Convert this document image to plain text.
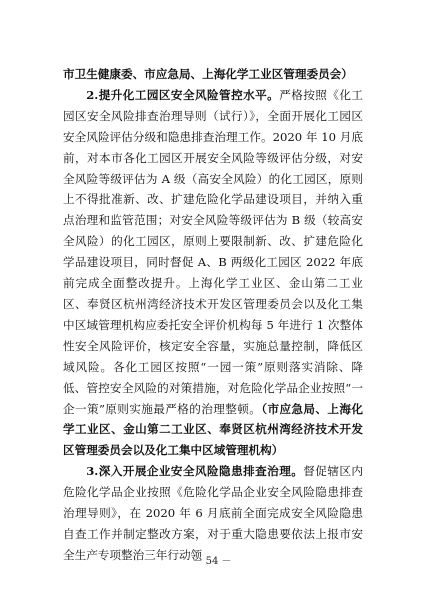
市卫生健康委、市应急局、上海化学工业区管理委员会）

2.提升化工园区安全风险管控水平。严格按照《化工园区安全风险排查治理导则（试行）》，全面开展化工园区安全风险评估分级和隐患排查治理工作。2020 年 10 月底前，对本市各化工园区开展安全风险等级评估分级，对安全风险等级评估为 A 级（高安全风险）的化工园区，原则上不得批准新、改、扩建危险化学品建设项目，并纳入重点治理和监管范围；对安全风险等级评估为 B 级（较高安全风险）的化工园区，原则上要限制新、改、扩建危险化学品建设项目，同时督促 A、B 两级化工园区 2022 年底前完成全面整改提升。上海化学工业区、金山第二工业区、奉贤区杭州湾经济技术开发区管理委员会以及化工集中区域管理机构应委托安全评价机构每 5 年进行 1 次整体性安全风险评价，核定安全容量，实施总量控制，降低区域风险。各化工园区按照“一园一策”原则落实消除、降低、管控安全风险的对策措施，对危险化学品企业按照“一企一策”原则实施最严格的治理整顿。（市应急局、上海化学工业区、金山第二工业区、奉贤区杭州湾经济技术开发区管理委员会以及化工集中区域管理机构）

3.深入开展企业安全风险隐患排查治理。督促辖区内危险化学品企业按照《危险化学品企业安全风险隐患排查治理导则》，在 2020 年 6 月底前全面完成安全风险隐患自查工作并制定整改方案，对于重大隐患要依法上报市安全生产专项整治三年行动领

－ 54 －
